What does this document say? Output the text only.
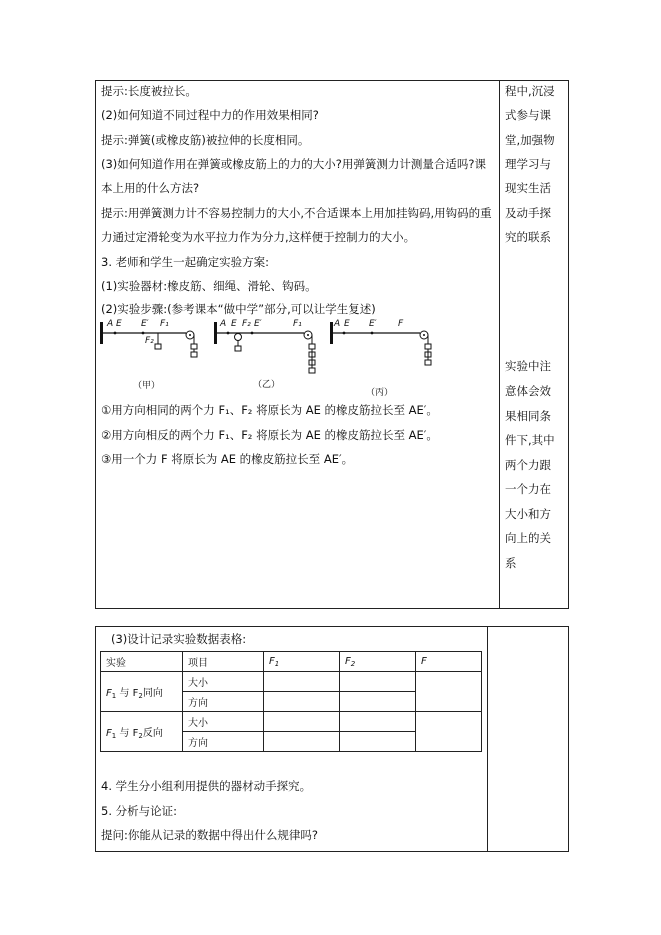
提示:长度被拉长。
(2)如何知道不同过程中力的作用效果相同?
提示:弹簧(或橡皮筋)被拉伸的长度相同。
(3)如何知道作用在弹簧或橡皮筋上的力的大小?用弹簧测力计测量合适吗?课
本上用的什么方法?
提示:用弹簧测力计不容易控制力的大小,不合适课本上用加挂钩码,用钩码的重
力通过定滑轮变为水平拉力作为分力,这样便于控制力的大小。
3. 老师和学生一起确定实验方案:
(1)实验器材:橡皮筋、细绳、滑轮、钩码。
(2)实验步骤:(参考课本“做中学”部分,可以让学生复述)
A E E′ F₁
F₂
（甲）
A E F₂ E′	F₁
（乙）
A E E′ F
（丙）
①用方向相同的两个力 F₁、F₂ 将原长为 AE 的橡皮筋拉长至 AE′。
②用方向相反的两个力 F₁、F₂ 将原长为 AE 的橡皮筋拉长至 AE′。
③用一个力 F 将原长为 AE 的橡皮筋拉长至 AE′。
程中,沉浸
式参与课
堂,加强物
理学习与
现实生活
及动手探
究的联系
实验中注
意体会效
果相同条
件下,其中
两个力跟
一个力在
大小和方
向上的关
系
(3)设计记录实验数据表格:
实验	项目	$F_1$	$F_2$	F
$F_1$ 与 $F_2$同向	大小			
	方向			
$F_1$ 与 $F_2$反向	大小			
	方向			
4. 学生分小组利用提供的器材动手探究。
5. 分析与论证:
提问:你能从记录的数据中得出什么规律吗?
